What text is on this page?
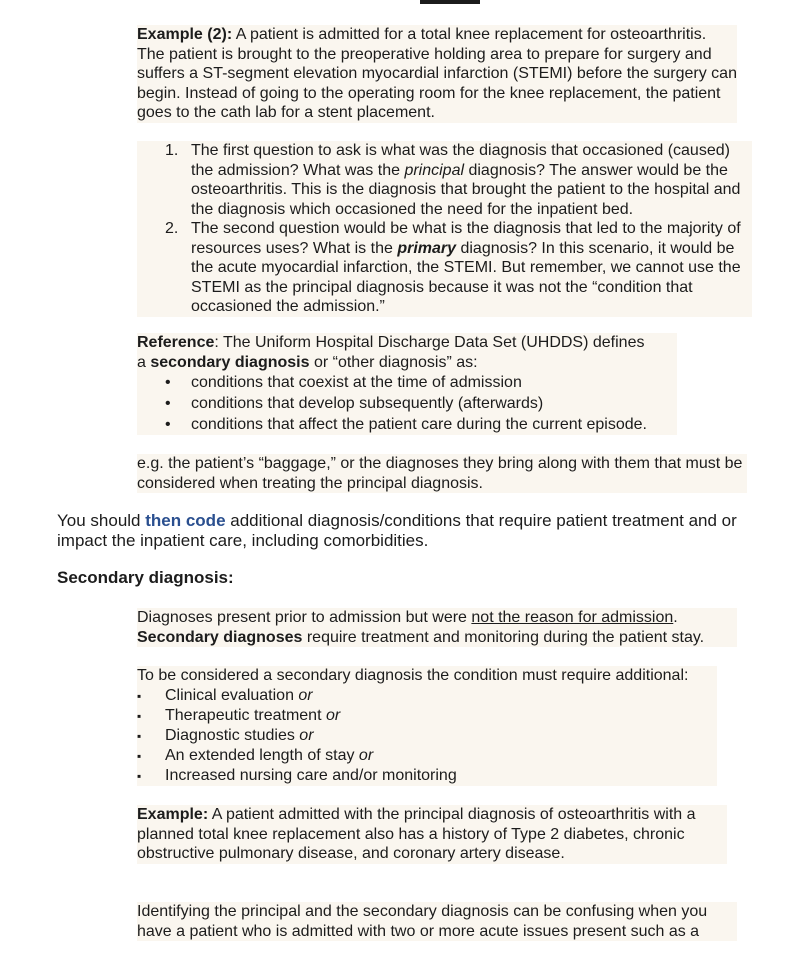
Example (2): A patient is admitted for a total knee replacement for osteoarthritis. The patient is brought to the preoperative holding area to prepare for surgery and suffers a ST-segment elevation myocardial infarction (STEMI) before the surgery can begin. Instead of going to the operating room for the knee replacement, the patient goes to the cath lab for a stent placement.

1. The first question to ask is what was the diagnosis that occasioned (caused) the admission? What was the principal diagnosis? The answer would be the osteoarthritis. This is the diagnosis that brought the patient to the hospital and the diagnosis which occasioned the need for the inpatient bed.
2. The second question would be what is the diagnosis that led to the majority of resources uses? What is the primary diagnosis? In this scenario, it would be the acute myocardial infarction, the STEMI. But remember, we cannot use the STEMI as the principal diagnosis because it was not the “condition that occasioned the admission.”

Reference: The Uniform Hospital Discharge Data Set (UHDDS) defines

a secondary diagnosis or “other diagnosis” as:

• conditions that coexist at the time of admission
• conditions that develop subsequently (afterwards)
• conditions that affect the patient care during the current episode.

e.g. the patient’s “baggage,” or the diagnoses they bring along with them that must be considered when treating the principal diagnosis.

You should then code additional diagnosis/conditions that require patient treatment and or impact the inpatient care, including comorbidities.

Secondary diagnosis:

Diagnoses present prior to admission but were not the reason for admission.

Secondary diagnoses require treatment and monitoring during the patient stay.

To be considered a secondary diagnosis the condition must require additional:

▪ Clinical evaluation or
▪ Therapeutic treatment or
▪ Diagnostic studies or
▪ An extended length of stay or
▪ Increased nursing care and/or monitoring

Example: A patient admitted with the principal diagnosis of osteoarthritis with a planned total knee replacement also has a history of Type 2 diabetes, chronic obstructive pulmonary disease, and coronary artery disease.

Identifying the principal and the secondary diagnosis can be confusing when you have a patient who is admitted with two or more acute issues present such as a
